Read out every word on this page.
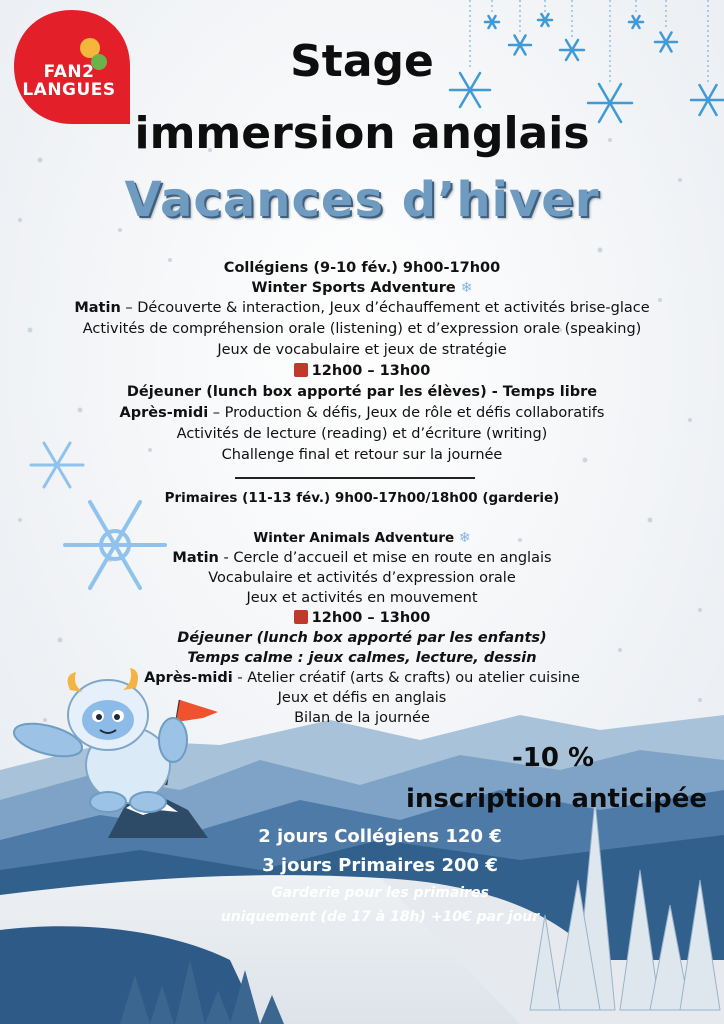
FAN2
LANGUES
Stage
immersion anglais
Vacances d’hiver
Collégiens (9-10 fév.) 9h00-17h00
Winter Sports Adventure ❄
Matin – Découverte & interaction, Jeux d’échauffement et activités brise-glace
Activités de compréhension orale (listening) et d’expression orale (speaking)
Jeux de vocabulaire et jeux de stratégie
12h00 – 13h00
Déjeuner (lunch box apporté par les élèves) - Temps libre
Après-midi – Production & défis, Jeux de rôle et défis collaboratifs
Activités de lecture (reading) et d’écriture (writing)
Challenge final et retour sur la journée
Primaires (11-13 fév.) 9h00-17h00/18h00 (garderie)
Winter Animals Adventure ❄
Matin - Cercle d’accueil et mise en route en anglais
Vocabulaire et activités d’expression orale
Jeux et activités en mouvement
12h00 – 13h00
Déjeuner (lunch box apporté par les enfants)
Temps calme : jeux calmes, lecture, dessin
Après-midi - Atelier créatif (arts & crafts) ou atelier cuisine
Jeux et défis en anglais
Bilan de la journée
-10 %
inscription anticipée
2 jours Collégiens 120 €
3 jours Primaires 200 €
Garderie pour les primaires
uniquement (de 17 à 18h) +10€ par jour
